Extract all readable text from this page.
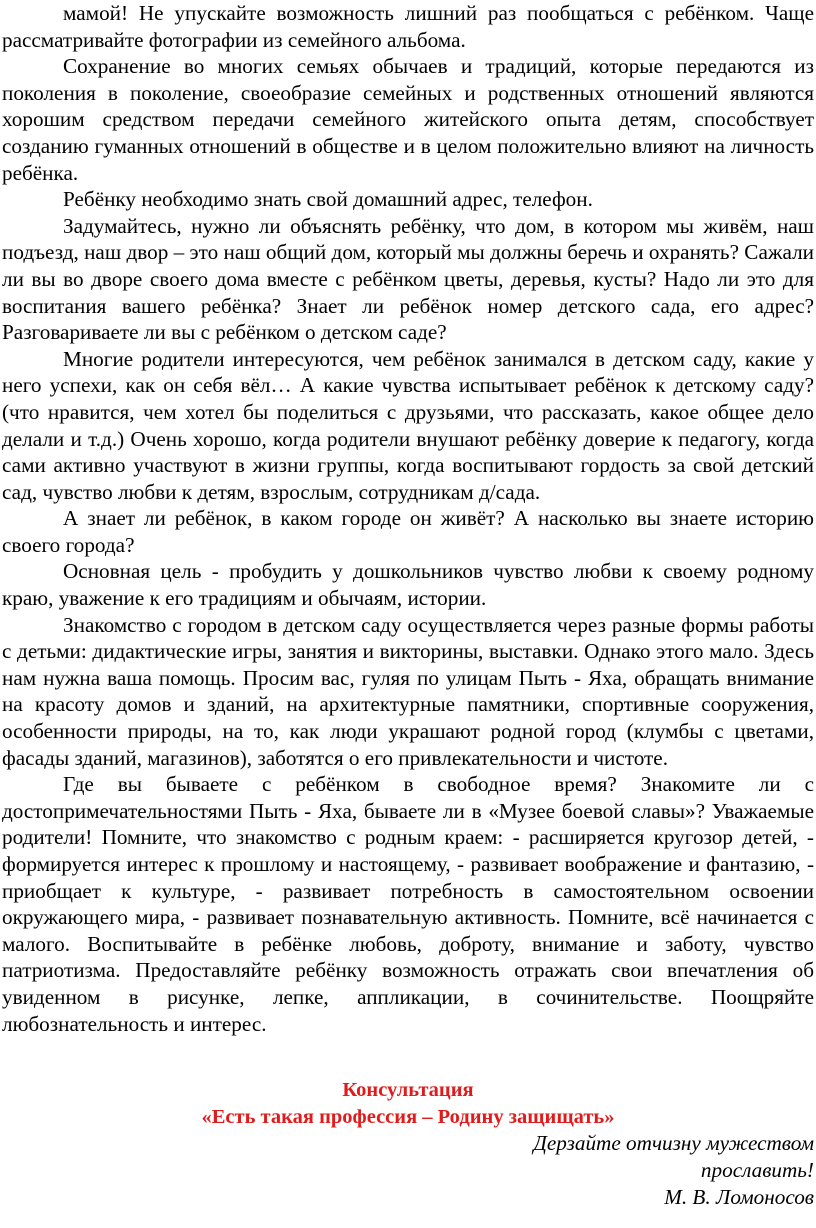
мамой! Не упускайте возможность лишний раз пообщаться с ребёнком. Чаще рассматривайте фотографии из семейного альбома.

Сохранение во многих семьях обычаев и традиций, которые передаются из поколения в поколение, своеобразие семейных и родственных отношений являются хорошим средством передачи семейного житейского опыта детям, способствует созданию гуманных отношений в обществе и в целом положительно влияют на личность ребёнка.

Ребёнку необходимо знать свой домашний адрес, телефон.

Задумайтесь, нужно ли объяснять ребёнку, что дом, в котором мы живём, наш подъезд, наш двор – это наш общий дом, который мы должны беречь и охранять? Сажали ли вы во дворе своего дома вместе с ребёнком цветы, деревья, кусты? Надо ли это для воспитания вашего ребёнка? Знает ли ребёнок номер детского сада, его адрес? Разговариваете ли вы с ребёнком о детском саде?

Многие родители интересуются, чем ребёнок занимался в детском саду, какие у него успехи, как он себя вёл… А какие чувства испытывает ребёнок к детскому саду? (что нравится, чем хотел бы поделиться с друзьями, что рассказать, какое общее дело делали и т.д.) Очень хорошо, когда родители внушают ребёнку доверие к педагогу, когда сами активно участвуют в жизни группы, когда воспитывают гордость за свой детский сад, чувство любви к детям, взрослым, сотрудникам д/сада.

А знает ли ребёнок, в каком городе он живёт? А насколько вы знаете историю своего города?

Основная цель - пробудить у дошкольников чувство любви к своему родному краю, уважение к его традициям и обычаям, истории.

Знакомство с городом в детском саду осуществляется через разные формы работы с детьми: дидактические игры, занятия и викторины, выставки. Однако этого мало. Здесь нам нужна ваша помощь. Просим вас, гуляя по улицам Пыть - Яха, обращать внимание на красоту домов и зданий, на архитектурные памятники, спортивные сооружения, особенности природы, на то, как люди украшают родной город (клумбы с цветами, фасады зданий, магазинов), заботятся о его привлекательности и чистоте.

Где вы бываете с ребёнком в свободное время? Знакомите ли с достопримечательностями Пыть - Яха, бываете ли в «Музее боевой славы»? Уважаемые родители! Помните, что знакомство с родным краем: - расширяется кругозор детей, - формируется интерес к прошлому и настоящему, - развивает воображение и фантазию, - приобщает к культуре, - развивает потребность в самостоятельном освоении окружающего мира, - развивает познавательную активность. Помните, всё начинается с малого. Воспитывайте в ребёнке любовь, доброту, внимание и заботу, чувство патриотизма. Предоставляйте ребёнку возможность отражать свои впечатления об увиденном в рисунке, лепке, аппликации, в сочинительстве. Поощряйте любознательность и интерес.

Консультация

«Есть такая профессия – Родину защищать»

Дерзайте отчизну мужеством

прославить!

М. В. Ломоносов
